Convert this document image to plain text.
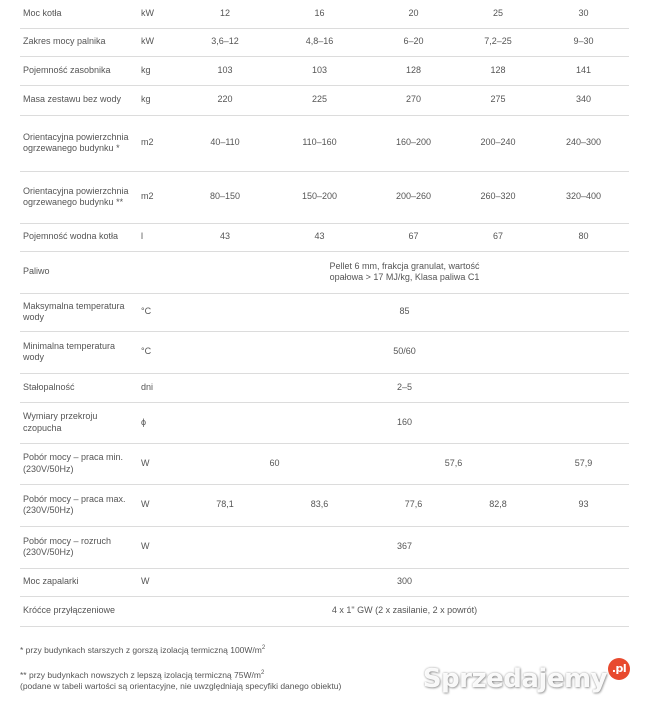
Moc kotła	kW	12	16	20	25	30
Zakres mocy palnika	kW	3,6–12	4,8–16	6–20	7,2–25	9–30
Pojemność zasobnika	kg	103	103	128	128	141
Masa zestawu bez wody	kg	220	225	270	275	340
Orientacyjna powierzchnia ogrzewanego budynku *	m2	40–110	110–160	160–200	200–240	240–300
Orientacyjna powierzchnia ogrzewanego budynku **	m2	80–150	150–200	200–260	260–320	320–400
Pojemność wodna kotła	l	43	43	67	67	80
Paliwo		Pellet 6 mm, frakcja granulat, wartość opałowa > 17 MJ/kg, Klasa paliwa C1				
Maksymalna temperatura wody	°C	85				
Minimalna temperatura wody	°C	50/60				
Stałopalność	dni	2–5				
Wymiary przekroju czopucha	ϕ	160				
Pobór mocy – praca min. (230V/50Hz)	W	60		57,6		57,9
Pobór mocy – praca max. (230V/50Hz)	W	78,1	83,6	77,6	82,8	93
Pobór mocy – rozruch (230V/50Hz)	W	367				
Moc zapalarki	W	300				
Króćce przyłączeniowe		4 x 1" GW (2 x zasilanie, 2 x powrót)				

* przy budynkach starszych z gorszą izolacją termiczną $100W/m^2$

** przy budynkach nowszych z lepszą izolacją termiczną $75W/m^2$

(podane w tabeli wartości są orientacyjne, nie uwzględniają specyfiki danego obiektu)	Sprzedajemy .pl
